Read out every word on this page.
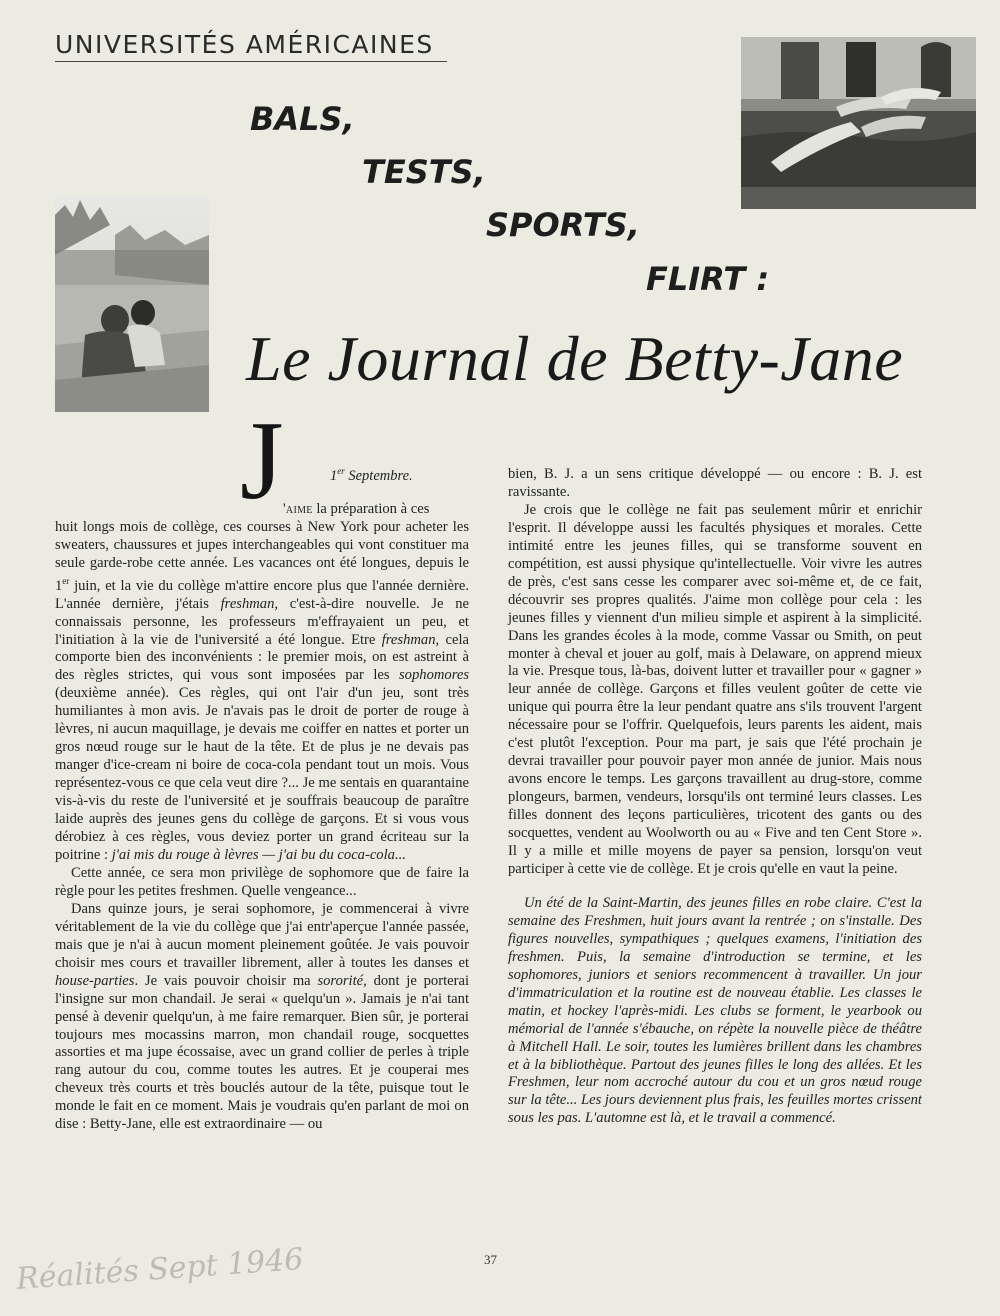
UNIVERSITÉS AMÉRICAINES
BALS,
TESTS,
SPORTS,
FLIRT :
Le Journal de Betty-Jane
J	1er Septembre.

'aime la préparation à ces

huit longs mois de collège, ces courses à New York pour acheter les sweaters, chaussures et jupes interchangeables qui vont constituer ma seule garde-robe cette année. Les vacances ont été longues, depuis le 1er juin, et la vie du collège m'attire encore plus que l'année dernière. L'année dernière, j'étais freshman, c'est-à-dire nouvelle. Je ne connaissais personne, les professeurs m'effrayaient un peu, et l'initiation à la vie de l'université a été longue. Etre freshman, cela comporte bien des inconvénients : le premier mois, on est astreint à des règles strictes, qui vous sont imposées par les sophomores (deuxième année). Ces règles, qui ont l'air d'un jeu, sont très humiliantes à mon avis. Je n'avais pas le droit de porter de rouge à lèvres, ni aucun maquillage, je devais me coiffer en nattes et porter un gros nœud rouge sur le haut de la tête. Et de plus je ne devais pas manger d'ice-cream ni boire de coca-cola pendant tout un mois. Vous représentez-vous ce que cela veut dire ?... Je me sentais en quarantaine vis-à-vis du reste de l'université et je souffrais beaucoup de paraître laide auprès des jeunes gens du collège de garçons. Et si vous vous dérobiez à ces règles, vous deviez porter un grand écriteau sur la poitrine : j'ai mis du rouge à lèvres — j'ai bu du coca-cola...

Cette année, ce sera mon privilège de sophomore que de faire la règle pour les petites freshmen. Quelle vengeance...

Dans quinze jours, je serai sophomore, je commencerai à vivre véritablement de la vie du collège que j'ai entr'aperçue l'année passée, mais que je n'ai à aucun moment pleinement goûtée. Je vais pouvoir choisir mes cours et travailler librement, aller à toutes les danses et house-parties. Je vais pouvoir choisir ma sororité, dont je porterai l'insigne sur mon chandail. Je serai « quelqu'un ». Jamais je n'ai tant pensé à devenir quelqu'un, à me faire remarquer. Bien sûr, je porterai toujours mes mocassins marron, mon chandail rouge, socquettes assorties et ma jupe écossaise, avec un grand collier de perles à triple rang autour du cou, comme toutes les autres. Et je couperai mes cheveux très courts et très bouclés autour de la tête, puisque tout le monde le fait en ce moment. Mais je voudrais qu'en parlant de moi on dise : Betty-Jane, elle est extraordinaire — ou

bien, B. J. a un sens critique développé — ou encore : B. J. est ravissante.

Je crois que le collège ne fait pas seulement mûrir et enrichir l'esprit. Il développe aussi les facultés physiques et morales. Cette intimité entre les jeunes filles, qui se transforme souvent en compétition, est aussi physique qu'intellectuelle. Voir vivre les autres de près, c'est sans cesse les comparer avec soi-même et, de ce fait, découvrir ses propres qualités. J'aime mon collège pour cela : les jeunes filles y viennent d'un milieu simple et aspirent à la simplicité. Dans les grandes écoles à la mode, comme Vassar ou Smith, on peut monter à cheval et jouer au golf, mais à Delaware, on apprend mieux la vie. Presque tous, là-bas, doivent lutter et travailler pour « gagner » leur année de collège. Garçons et filles veulent goûter de cette vie unique qui pourra être la leur pendant quatre ans s'ils trouvent l'argent nécessaire pour se l'offrir. Quelquefois, leurs parents les aident, mais c'est plutôt l'exception. Pour ma part, je sais que l'été prochain je devrai travailler pour pouvoir payer mon année de junior. Mais nous avons encore le temps. Les garçons travaillent au drug-store, comme plongeurs, barmen, vendeurs, lorsqu'ils ont terminé leurs classes. Les filles donnent des leçons particulières, tricotent des gants ou des socquettes, vendent au Woolworth ou au « Five and ten Cent Store ». Il y a mille et mille moyens de payer sa pension, lorsqu'on veut participer à cette vie de collège. Et je crois qu'elle en vaut la peine.

Un été de la Saint-Martin, des jeunes filles en robe claire. C'est la semaine des Freshmen, huit jours avant la rentrée ; on s'installe. Des figures nouvelles, sympathiques ; quelques examens, l'initiation des freshmen. Puis, la semaine d'introduction se termine, et les sophomores, juniors et seniors recommencent à travailler. Un jour d'immatriculation et la routine est de nouveau établie. Les classes le matin, et hockey l'après-midi. Les clubs se forment, le yearbook ou mémorial de l'année s'ébauche, on répète la nouvelle pièce de théâtre à Mitchell Hall. Le soir, toutes les lumières brillent dans les chambres et à la bibliothèque. Partout des jeunes filles le long des allées. Et les Freshmen, leur nom accroché autour du cou et un gros nœud rouge sur la tête... Les jours deviennent plus frais, les feuilles mortes crissent sous les pas. L'automne est là, et le travail a commencé.

37
Réalités Sept 1946
